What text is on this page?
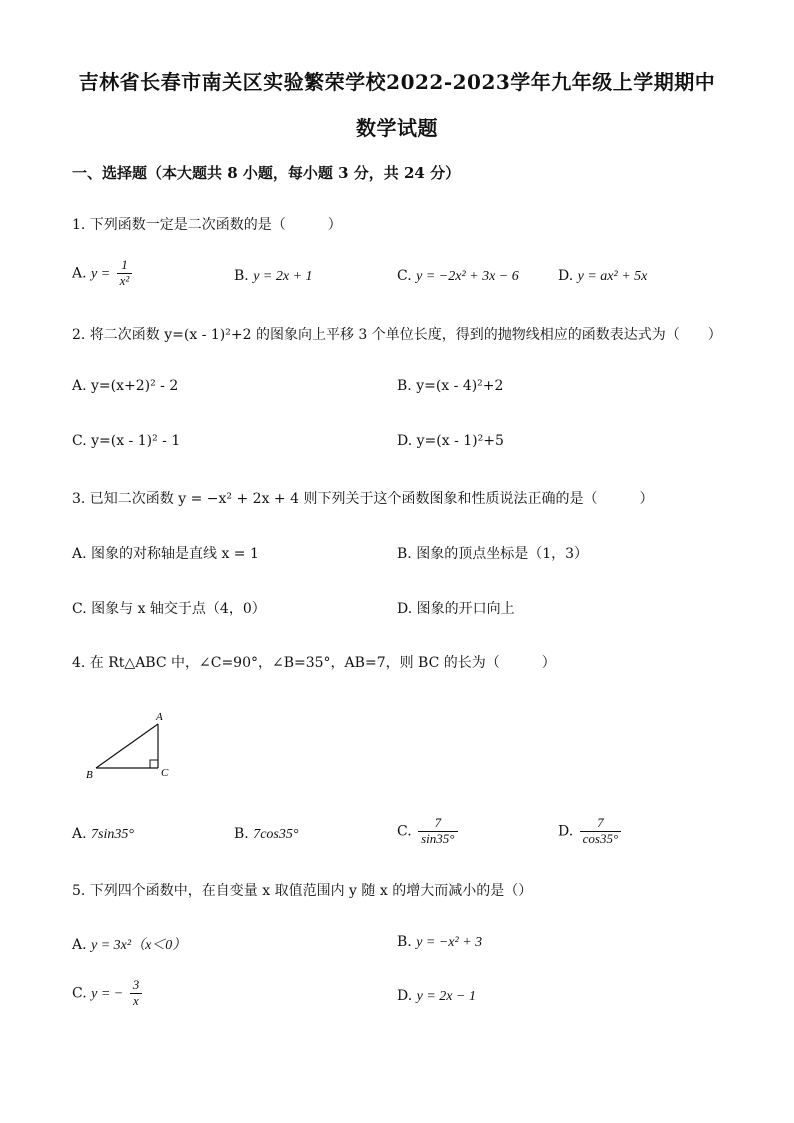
吉林省长春市南关区实验繁荣学校2022-2023学年九年级上学期期中
数学试题
一、选择题（本大题共 8 小题，每小题 3 分，共 24 分）
1. 下列函数一定是二次函数的是（　　　）
A. $y = \frac{1}{\text{x²}}$	B. y = 2x + 1	C. y = −2x² + 3x − 6	D. y = ax² + 5x
2. 将二次函数 y=(x - 1)²+2 的图象向上平移 3 个单位长度，得到的抛物线相应的函数表达式为（　　）
A. y=(x+2)² - 2	B. y=(x - 4)²+2
C. y=(x - 1)² - 1	D. y=(x - 1)²+5
3. 已知二次函数 y = −x² + 2x + 4 则下列关于这个函数图象和性质说法正确的是（　　　）
A. 图象的对称轴是直线 x = 1	B. 图象的顶点坐标是（1，3）
C. 图象与 x 轴交于点（4，0）	D. 图象的开口向上
4. 在 Rt△ABC 中，∠C=90°，∠B=35°，AB=7，则 BC 的长为（　　　）
A
B	C
A. 7sin35°	B. 7cos35°	C. $\frac{7}{\sin 35^\circ}$	D. $\frac{7}{\cos 35^\circ}$
5. 下列四个函数中，在自变量 x 取值范围内 y 随 x 的增大而减小的是（）
A. y = 3x²（x＜0）	B. y = −x² + 3
C. y = − $\frac{3}{x}$	D. y = 2x − 1
